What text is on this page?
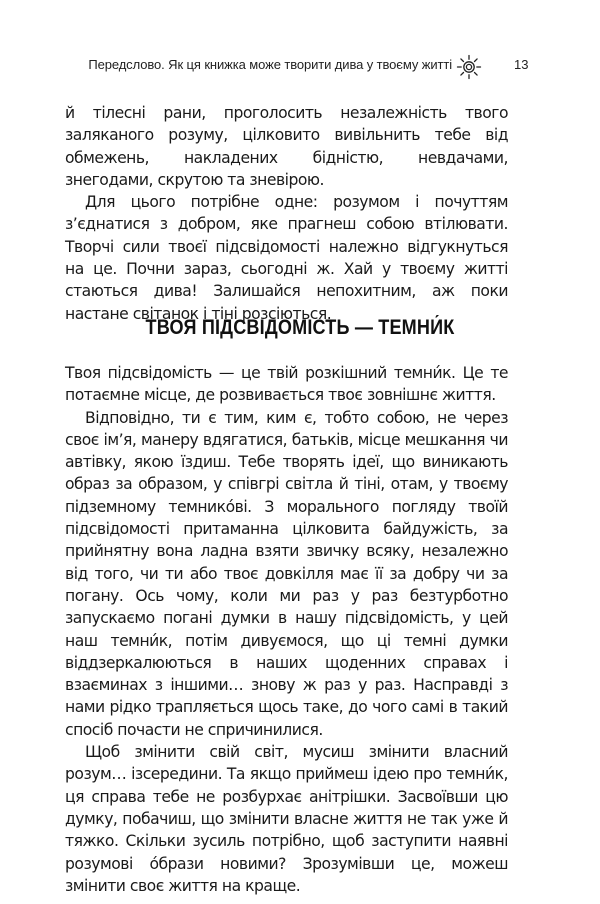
Передслово. Як ця книжка може творити дива у твоєму житті	13

й тілесні рани, проголосить незалежність твого заляканого розуму, цілковито вивільнить тебе від обмежень, накладених бідністю, невдачами, знегодами, скрутою та зневірою.

Для цього потрібне одне: розумом і почуттям з’єднатися з добром, яке прагнеш собою втілювати. Творчі сили твоєї підсвідомості належно відгукнуться на це. Почни зараз, сьогодні ж. Хай у твоєму житті стаються дива! Залишайся непохитним, аж поки настане світанок і тіні розсіються.

ТВОЯ ПІДСВІДОМІСТЬ — ТЕМНИ́К

Твоя підсвідомість — це твій розкішний темни́к. Це те потаємне місце, де розвивається твоє зовнішнє життя.

Відповідно, ти є тим, ким є, тобто собою, не через своє ім’я, манеру вдягатися, батьків, місце мешкання чи автівку, якою їздиш. Тебе творять ідеї, що виникають образ за образом, у співгрі світла й тіні, отам, у твоєму підземному темнико́ві. З морального погляду твоїй підсвідомості притаманна цілковита байдужість, за прийнятну вона ладна взяти звичку всяку, незалежно від того, чи ти або твоє довкілля має її за добру чи за погану. Ось чому, коли ми раз у раз безтурботно запускаємо погані думки в нашу підсвідомість, у цей наш темни́к, потім дивуємося, що ці темні думки віддзеркалюються в наших щоденних справах і взаєминах з іншими… знову ж раз у раз. Насправді з нами рідко трапляється щось таке, до чого самі в такий спосіб почасти не спричинилися.

Щоб змінити свій світ, мусиш змінити власний розум… ізсередини. Та якщо приймеш ідею про темни́к, ця справа тебе не розбурхає анітрішки. Засвоївши цю думку, побачиш, що змінити власне життя не так уже й тяжко. Скільки зусиль потрібно, щоб заступити наявні розумові о́брази новими? Зрозумівши це, можеш змінити своє життя на краще.
